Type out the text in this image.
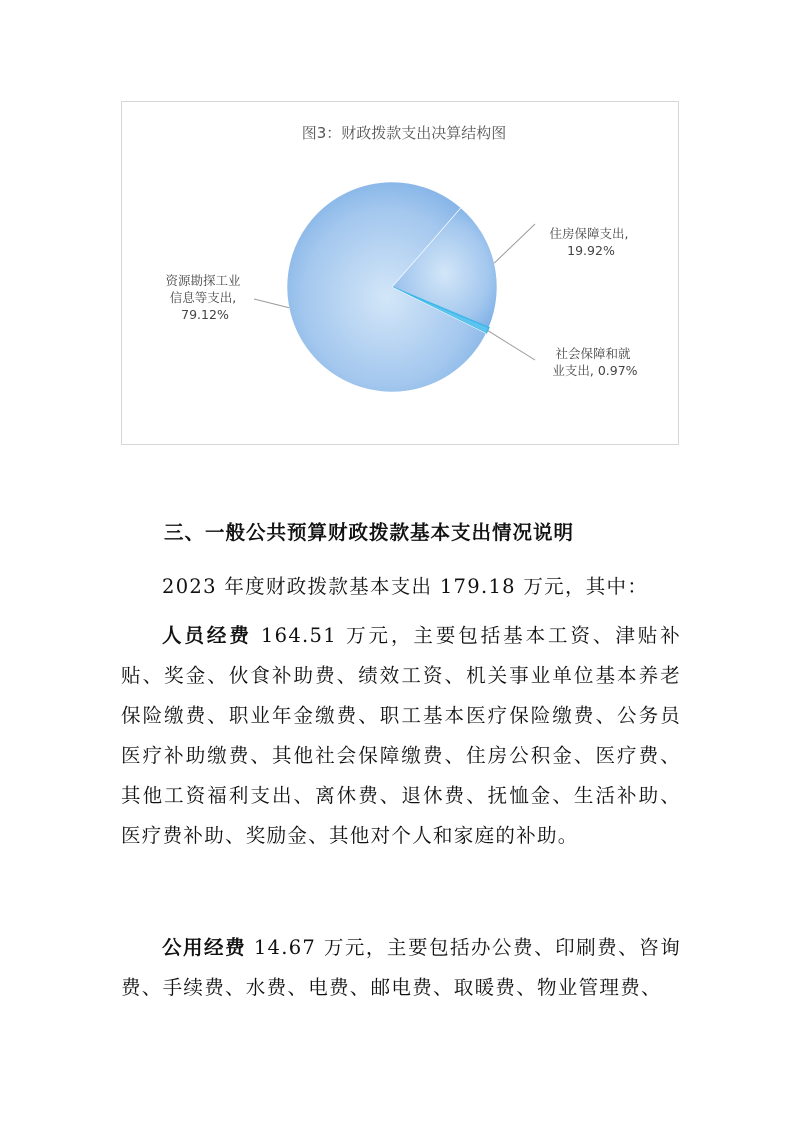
图3：财政拨款支出决算结构图
资源勘探工业 信息等支出, 79.12%
住房保障支出, 19.92%
社会保障和就 业支出, 0.97%
三、一般公共预算财政拨款基本支出情况说明

2023 年度财政拨款基本支出 179.18 万元，其中：

人员经费 164.51 万元，主要包括基本工资、津贴补贴、奖金、伙食补助费、绩效工资、机关事业单位基本养老保险缴费、职业年金缴费、职工基本医疗保险缴费、公务员医疗补助缴费、其他社会保障缴费、住房公积金、医疗费、其他工资福利支出、离休费、退休费、抚恤金、生活补助、医疗费补助、奖励金、其他对个人和家庭的补助。

公用经费 14.67 万元，主要包括办公费、印刷费、咨询费、手续费、水费、电费、邮电费、取暖费、物业管理费、
